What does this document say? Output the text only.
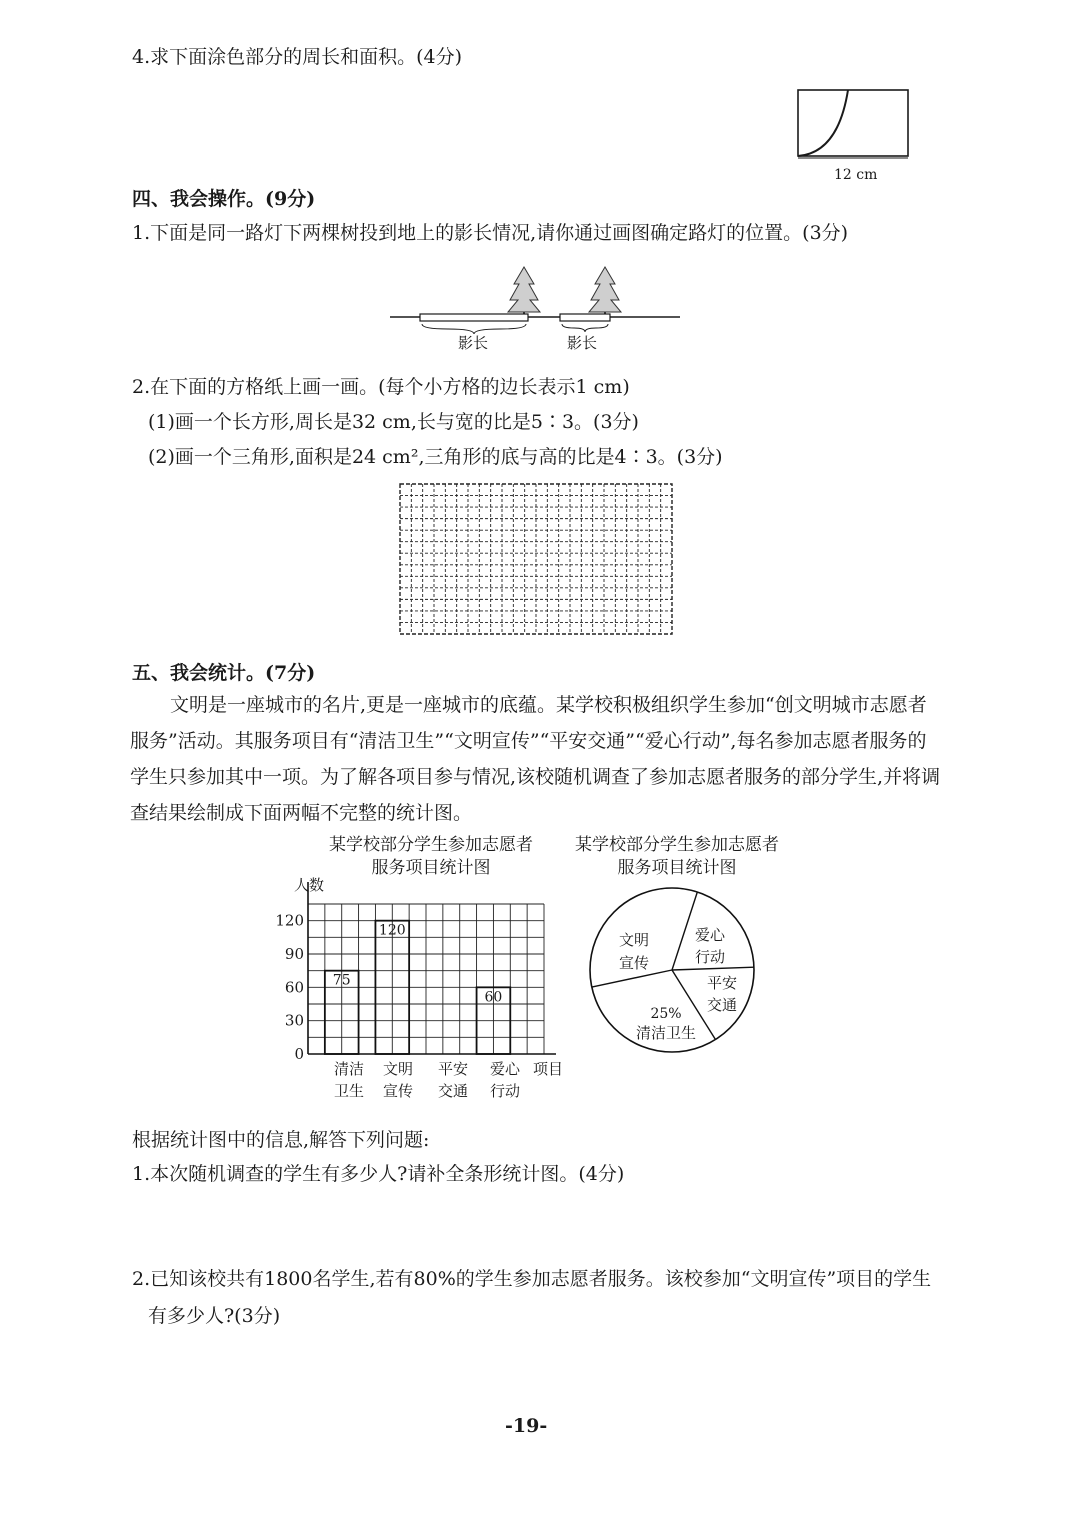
4.求下面涂色部分的周长和面积。(4分)
12 cm
四、我会操作。(9分)
1.下面是同一路灯下两棵树投到地上的影长情况,请你通过画图确定路灯的位置。(3分)
影长	影长
2.在下面的方格纸上画一画。(每个小方格的边长表示1 cm)
(1)画一个长方形,周长是32 cm,长与宽的比是5∶3。(3分)
(2)画一个三角形,面积是24 cm²,三角形的底与高的比是4∶3。(3分)
五、我会统计。(7分)
文明是一座城市的名片,更是一座城市的底蕴。某学校积极组织学生参加“创文明城市志愿者服务”活动。其服务项目有“清洁卫生”“文明宣传”“平安交通”“爱心行动”,每名参加志愿者服务的学生只参加其中一项。为了解各项目参与情况,该校随机调查了参加志愿者服务的部分学生,并将调查结果绘制成下面两幅不完整的统计图。
某学校部分学生参加志愿者
服务项目统计图
人数
120
90
60
30
0
75
120
60
清洁
卫生
文明
宣传
平安
交通
爱心
行动
项目
某学校部分学生参加志愿者
服务项目统计图
文明
宣传
爱心
行动
平安
交通
25%
清洁卫生
根据统计图中的信息,解答下列问题:
1.本次随机调查的学生有多少人?请补全条形统计图。(4分)
2.已知该校共有1800名学生,若有80%的学生参加志愿者服务。该校参加“文明宣传”项目的学生
有多少人?(3分)
-19-
